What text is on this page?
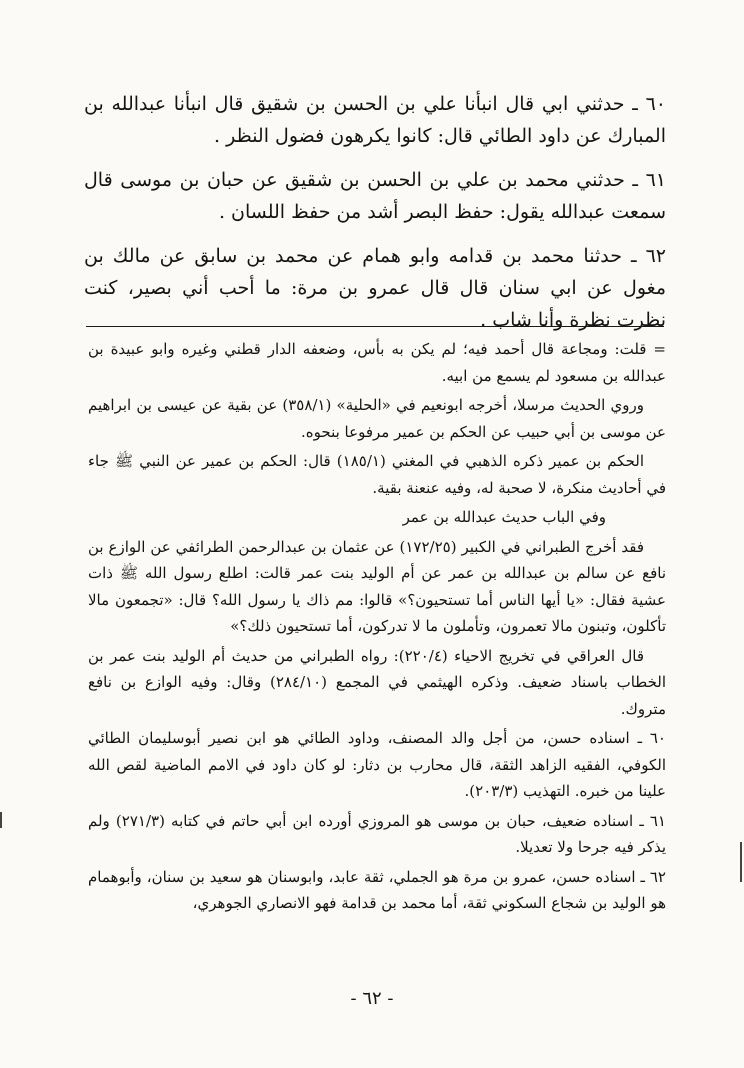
٦٠ ـ حدثني ابي قال انبأنا علي بن الحسن بن شقيق قال انبأنا عبدالله بن المبارك عن داود الطائي قال: كانوا يكرهون فضول النظر .

٦١ ـ حدثني محمد بن علي بن الحسن بن شقيق عن حبان بن موسى قال سمعت عبدالله يقول: حفظ البصر أشد من حفظ اللسان .

٦٢ ـ حدثنا محمد بن قدامه وابو همام عن محمد بن سابق عن مالك بن مغول عن ابي سنان قال قال عمرو بن مرة: ما أحب أني بصير، كنت نظرت نظرة وأنا شاب .

= قلت: ومجاعة قال أحمد فيه؛ لم يكن به بأس، وضعفه الدار قطني وغيره وابو عبيدة بن عبدالله بن مسعود لم يسمع من ابيه.

وروي الحديث مرسلا، أخرجه ابونعيم في «الحلية» (٣٥٨/١) عن بقية عن عيسى بن ابراهيم عن موسى بن أبي حبيب عن الحكم بن عمير مرفوعا بنحوه.

الحكم بن عمير ذكره الذهبي في المغني (١٨٥/١) قال: الحكم بن عمير عن النبي ﷺ جاء في أحاديث منكرة، لا صحبة له، وفيه عنعنة بقية.

وفي الباب حديث عبدالله بن عمر

فقد أخرج الطبراني في الكبير (١٧٢/٢٥) عن عثمان بن عبدالرحمن الطرائفي عن الوازع بن نافع عن سالم بن عبدالله بن عمر عن أم الوليد بنت عمر قالت: اطلع رسول الله ﷺ ذات عشية فقال: «يا أيها الناس أما تستحيون؟» قالوا: مم ذاك يا رسول الله؟ قال: «تجمعون مالا تأكلون، وتبنون مالا تعمرون، وتأملون ما لا تدركون، أما تستحيون ذلك؟»

قال العراقي في تخريج الاحياء (٢٢٠/٤): رواه الطبراني من حديث أم الوليد بنت عمر بن الخطاب باسناد ضعيف. وذكره الهيثمي في المجمع (٢٨٤/١٠) وقال: وفيه الوازع بن نافع متروك.

٦٠ ـ اسناده حسن، من أجل والد المصنف، وداود الطائي هو ابن نصير أبوسليمان الطائي الكوفي، الفقيه الزاهد الثقة، قال محارب بن دثار: لو كان داود في الامم الماضية لقص الله علينا من خبره. التهذيب (٢٠٣/٣).

٦١ ـ اسناده ضعيف، حبان بن موسى هو المروزي أورده ابن أبي حاتم في كتابه (٢٧١/٣) ولم يذكر فيه جرحا ولا تعديلا.

٦٢ ـ اسناده حسن، عمرو بن مرة هو الجملي، ثقة عابد، وابوسنان هو سعيد بن سنان، وأبوهمام هو الوليد بن شجاع السكوني ثقة، أما محمد بن قدامة فهو الانصاري الجوهري،

- ٦٢ -
